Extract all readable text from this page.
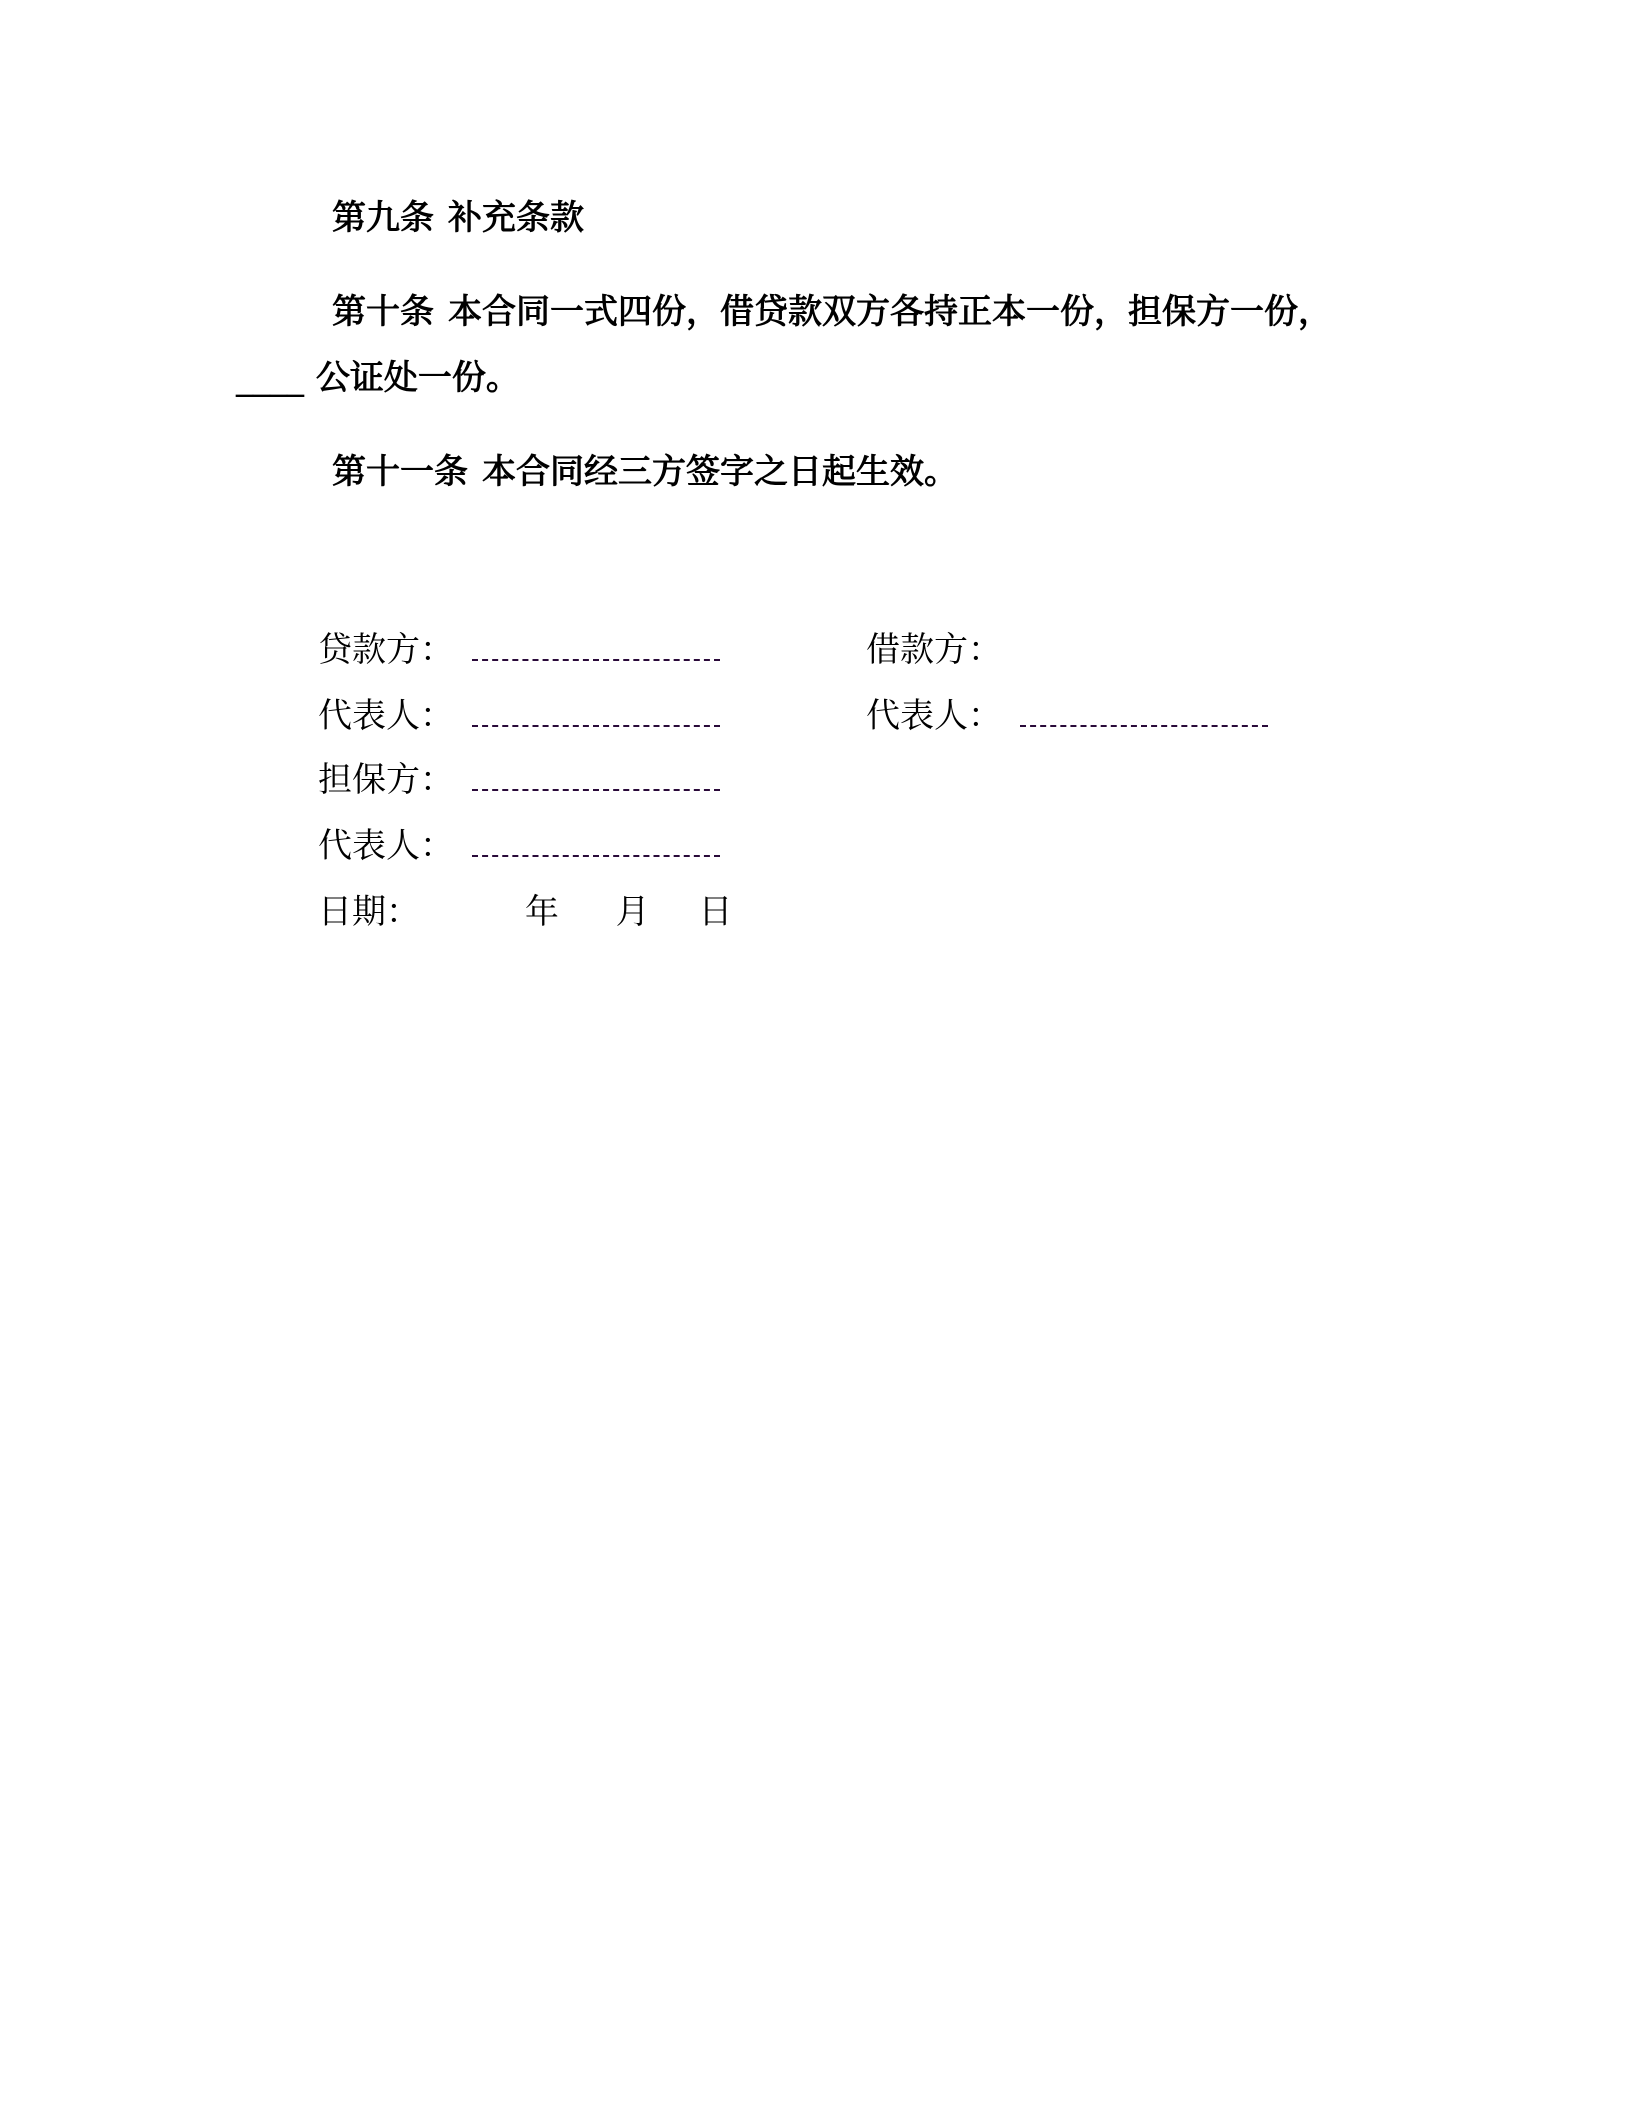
第九条 补充条款
第十条 本合同一式四份，借贷款双方各持正本一份，担保方一份，
____ 公证处一份。
第十一条 本合同经三方签字之日起生效。
贷款方：
代表人：
担保方：
代表人：
日期：	年 月 日
借款方：
代表人：
